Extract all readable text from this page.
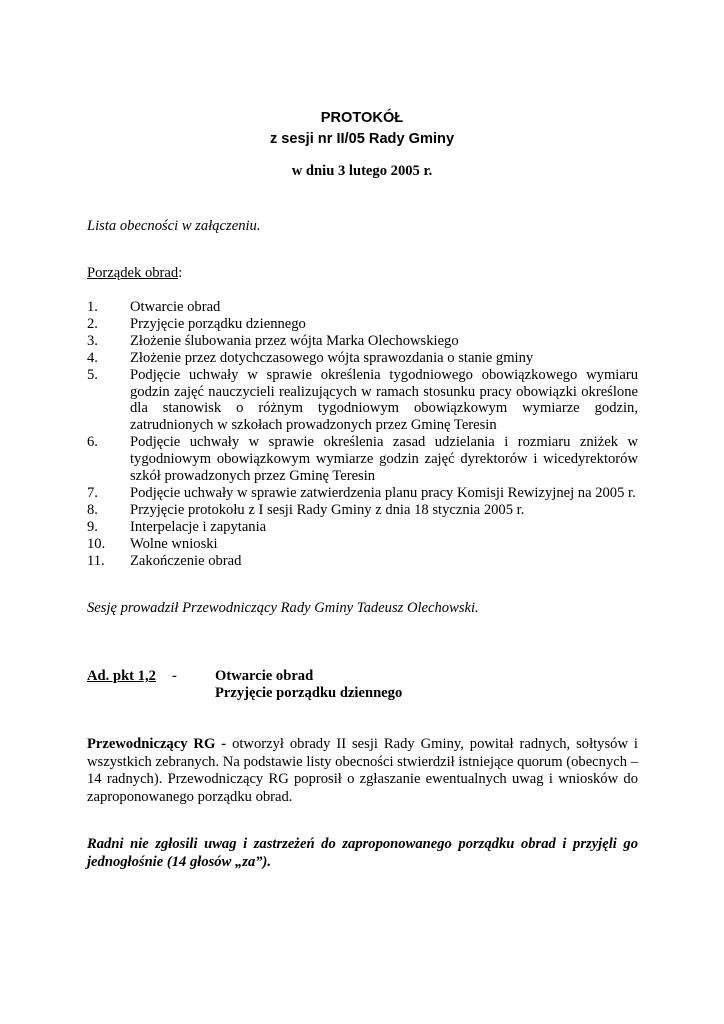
PROTOKÓŁ
z sesji nr II/05 Rady Gminy
w dniu 3 lutego 2005 r.
Lista obecności w załączeniu.
Porządek obrad:
1.	Otwarcie obrad
2.	Przyjęcie porządku dziennego
3.	Złożenie ślubowania przez wójta Marka Olechowskiego
4.	Złożenie przez dotychczasowego wójta sprawozdania o stanie gminy
5.	Podjęcie uchwały w sprawie określenia tygodniowego obowiązkowego wymiaru godzin zajęć nauczycieli realizujących w ramach stosunku pracy obowiązki określone dla stanowisk o różnym tygodniowym obowiązkowym wymiarze godzin, zatrudnionych w szkołach prowadzonych przez Gminę Teresin
6.	Podjęcie uchwały w sprawie określenia zasad udzielania i rozmiaru zniżek w tygodniowym obowiązkowym wymiarze godzin zajęć dyrektorów i wicedyrektorów szkół prowadzonych przez Gminę Teresin
7.	Podjęcie uchwały w sprawie zatwierdzenia planu pracy Komisji Rewizyjnej na 2005 r.
8.	Przyjęcie protokołu z I sesji Rady Gminy z dnia 18 stycznia 2005 r.
9.	Interpelacje i zapytania
10.	Wolne wnioski
11.	Zakończenie obrad
Sesję prowadził Przewodniczący Rady Gminy Tadeusz Olechowski.
Ad. pkt 1,2 -	Otwarcie obrad
Przyjęcie porządku dziennego
Przewodniczący RG - otworzył obrady II sesji Rady Gminy, powitał radnych, sołtysów i wszystkich zebranych. Na podstawie listy obecności stwierdził istniejące quorum (obecnych – 14 radnych). Przewodniczący RG poprosił o zgłaszanie ewentualnych uwag i wniosków do zaproponowanego porządku obrad.
Radni nie zgłosili uwag i zastrzeżeń do zaproponowanego porządku obrad i przyjęli go jednogłośnie (14 głosów „za”).
